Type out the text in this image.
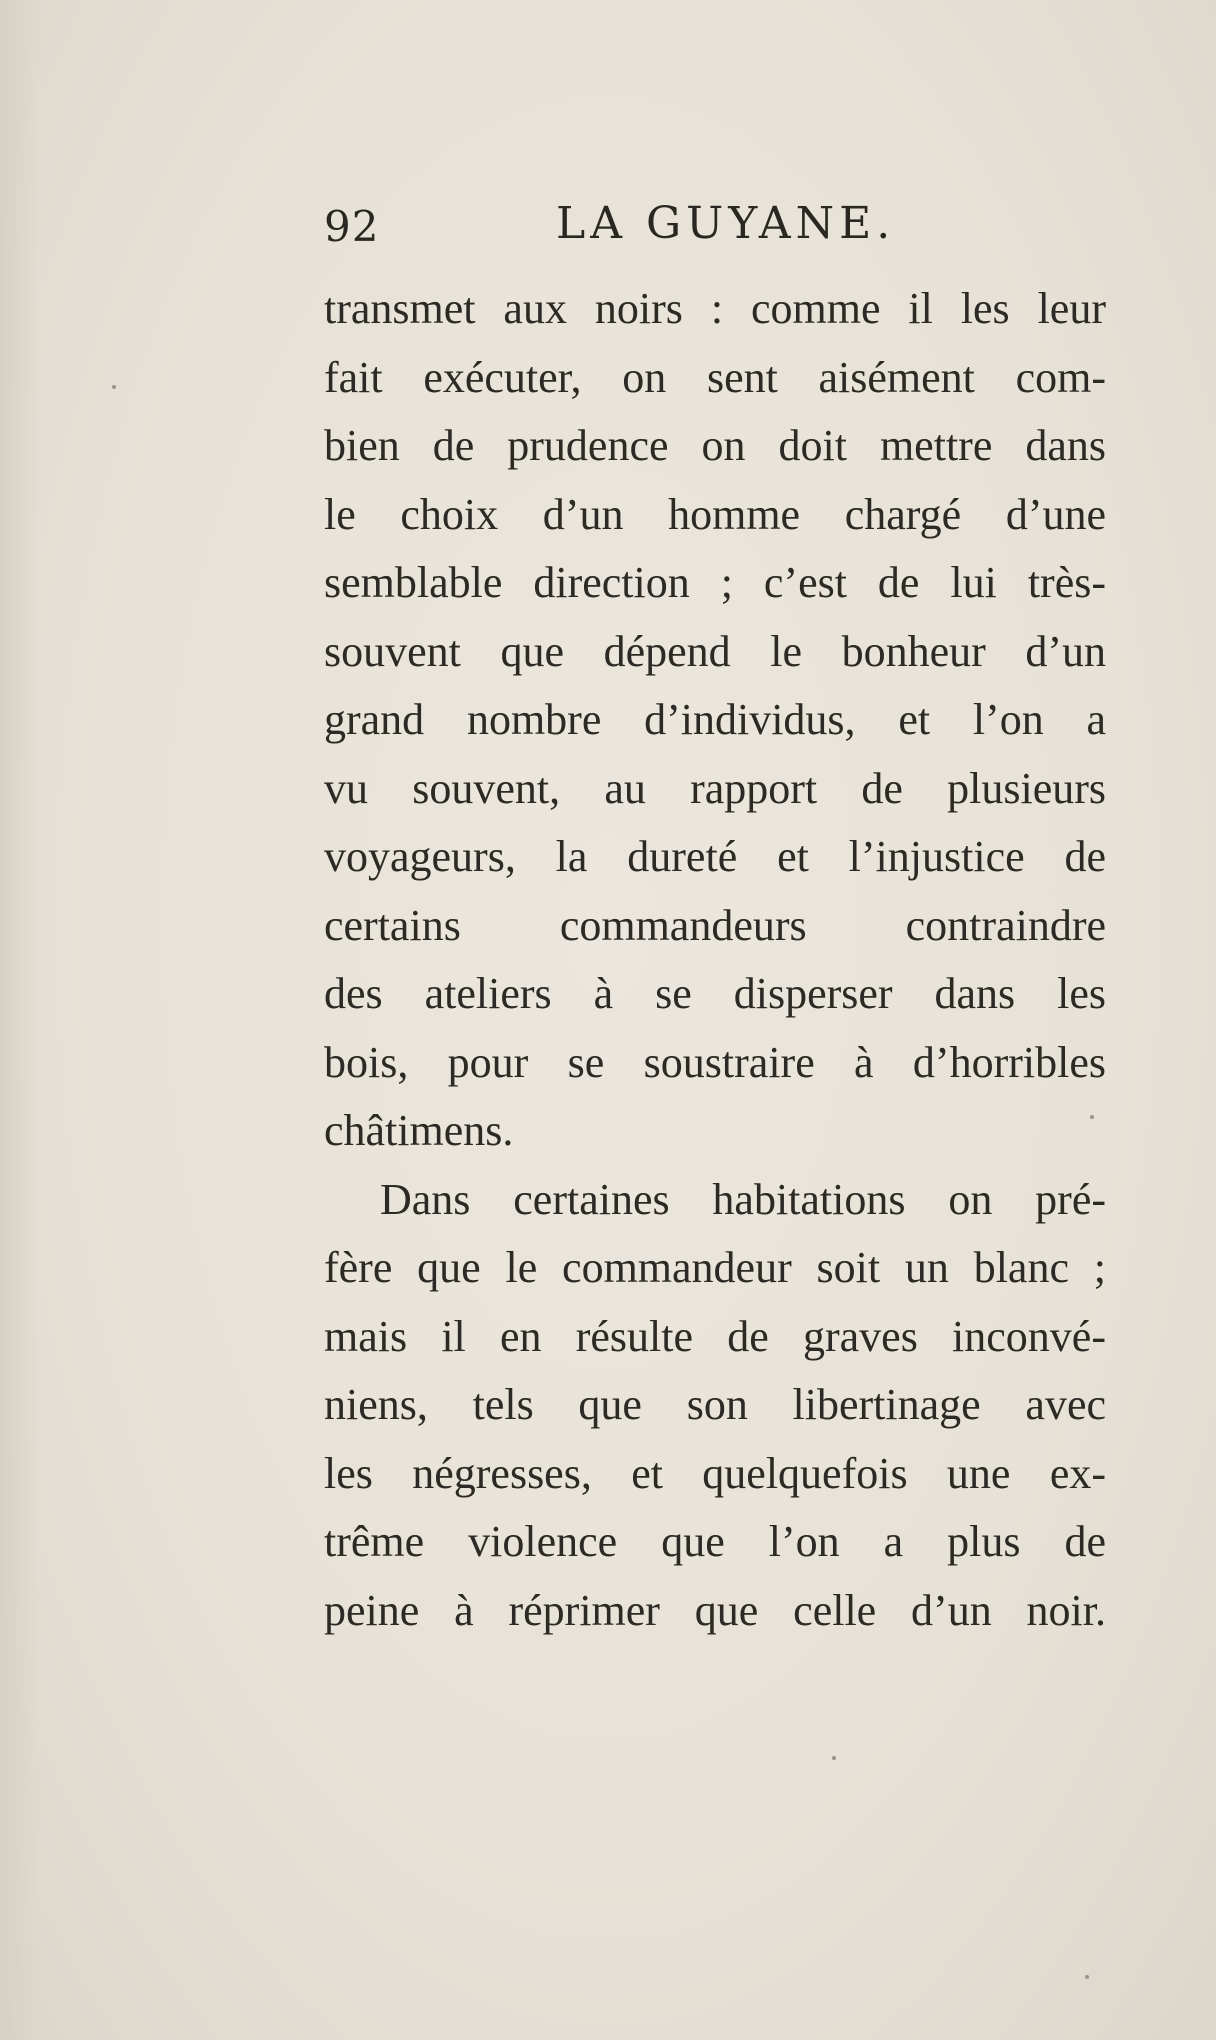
92	LA GUYANE.
transmet aux noirs : comme il les leur
fait exécuter, on sent aisément com-
bien de prudence on doit mettre dans
le choix d’un homme chargé d’une
semblable direction ; c’est de lui très-
souvent que dépend le bonheur d’un
grand nombre d’individus, et l’on a
vu souvent, au rapport de plusieurs
voyageurs, la dureté et l’injustice de
certains commandeurs contraindre
des ateliers à se disperser dans les
bois, pour se soustraire à d’horribles
châtimens.
Dans certaines habitations on pré-
fère que le commandeur soit un blanc ;
mais il en résulte de graves inconvé-
niens, tels que son libertinage avec
les négresses, et quelquefois une ex-
trême violence que l’on a plus de
peine à réprimer que celle d’un noir.
